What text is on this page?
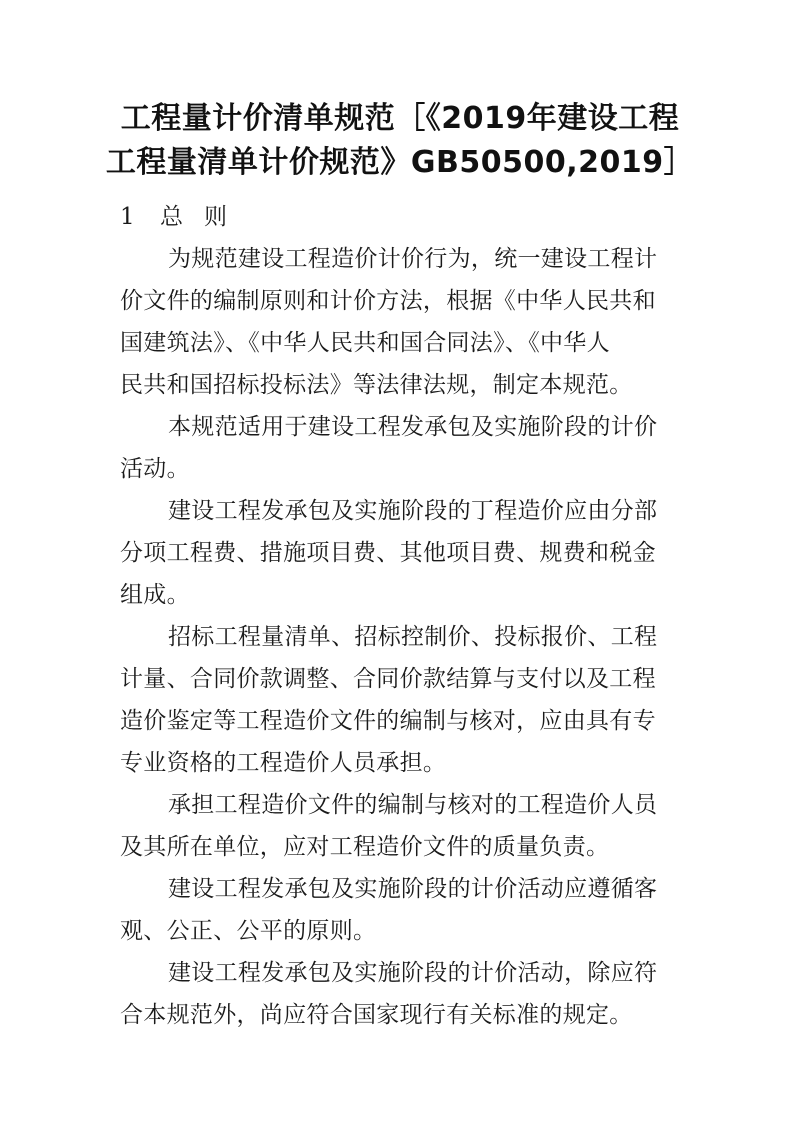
工程量计价清单规范［《2019年建设工程
工程量清单计价规范》GB50500,2019］
1 总 则
为规范建设工程造价计价行为，统一建设工程计
价文件的编制原则和计价方法，根据《中华人民共和
国建筑法》、《中华人民共和国合同法》、《中华人
民共和国招标投标法》等法律法规，制定本规范。
本规范适用于建设工程发承包及实施阶段的计价
活动。
建设工程发承包及实施阶段的丁程造价应由分部
分项工程费、措施项目费、其他项目费、规费和税金
组成。
招标工程量清单、招标控制价、投标报价、工程
计量、合同价款调整、合同价款结算与支付以及工程
造价鉴定等工程造价文件的编制与核对，应由具有专
专业资格的工程造价人员承担。
承担工程造价文件的编制与核对的工程造价人员
及其所在单位，应对工程造价文件的质量负责。
建设工程发承包及实施阶段的计价活动应遵循客
观、公正、公平的原则。
建设工程发承包及实施阶段的计价活动，除应符
合本规范外，尚应符合国家现行有关标准的规定。
